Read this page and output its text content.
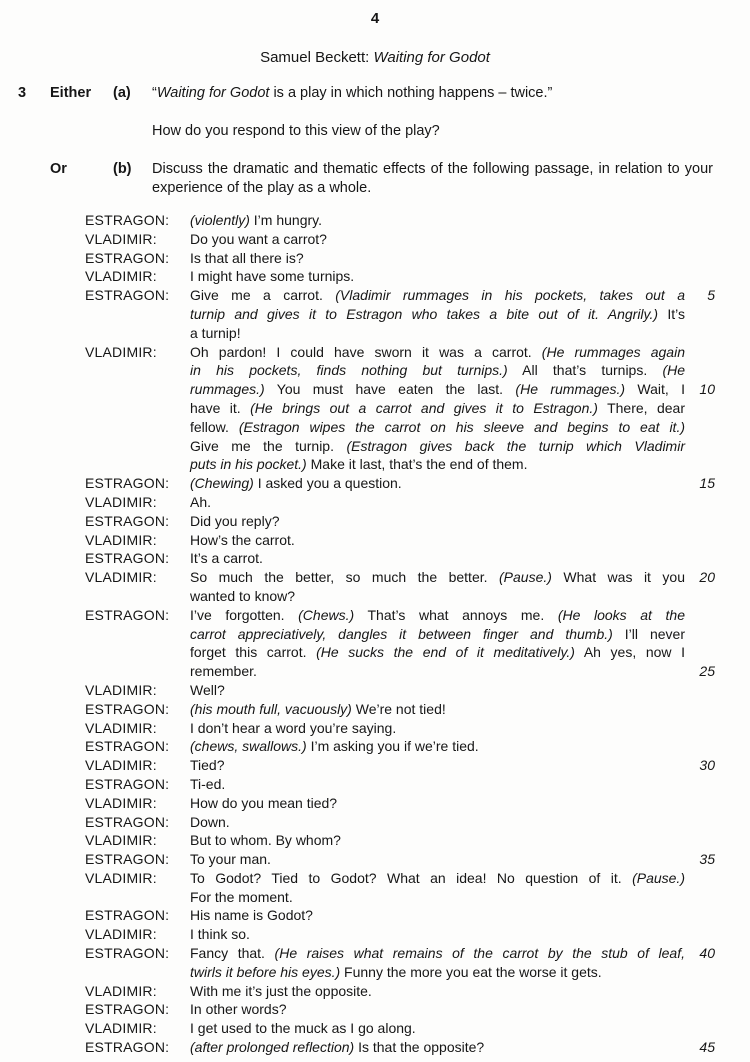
4
Samuel Beckett: Waiting for Godot
3 Either (a) “Waiting for Godot is a play in which nothing happens – twice.”
How do you respond to this view of the play?
Or	(b) Discuss the dramatic and thematic effects of the following passage, in relation to your experience of the play as a whole.
ESTRAGON: (violently) I’m hungry.
VLADIMIR: Do you want a carrot?
ESTRAGON: Is that all there is?
VLADIMIR: I might have some turnips.
ESTRAGON: Give me a carrot. (Vladimir rummages in his pockets, takes out a	5
turnip and gives it to Estragon who takes a bite out of it. Angrily.) It’s
a turnip!
VLADIMIR: Oh pardon! I could have sworn it was a carrot. (He rummages again
in his pockets, finds nothing but turnips.) All that’s turnips. (He
rummages.) You must have eaten the last. (He rummages.) Wait, I	10
have it. (He brings out a carrot and gives it to Estragon.) There, dear
fellow. (Estragon wipes the carrot on his sleeve and begins to eat it.)
Give me the turnip. (Estragon gives back the turnip which Vladimir
puts in his pocket.) Make it last, that’s the end of them.
ESTRAGON: (Chewing) I asked you a question.	15
VLADIMIR: Ah.
ESTRAGON: Did you reply?
VLADIMIR: How’s the carrot.
ESTRAGON: It’s a carrot.
VLADIMIR: So much the better, so much the better. (Pause.) What was it you	20
wanted to know?
ESTRAGON: I’ve forgotten. (Chews.) That’s what annoys me. (He looks at the
carrot appreciatively, dangles it between finger and thumb.) I’ll never
forget this carrot. (He sucks the end of it meditatively.) Ah yes, now I
remember.	25
VLADIMIR: Well?
ESTRAGON: (his mouth full, vacuously) We’re not tied!
VLADIMIR: I don’t hear a word you’re saying.
ESTRAGON: (chews, swallows.) I’m asking you if we’re tied.
VLADIMIR: Tied?	30
ESTRAGON: Ti-ed.
VLADIMIR: How do you mean tied?
ESTRAGON: Down.
VLADIMIR: But to whom. By whom?
ESTRAGON: To your man.	35
VLADIMIR: To Godot? Tied to Godot? What an idea! No question of it. (Pause.)
For the moment.
ESTRAGON: His name is Godot?
VLADIMIR: I think so.
ESTRAGON: Fancy that. (He raises what remains of the carrot by the stub of leaf,	40
twirls it before his eyes.) Funny the more you eat the worse it gets.
VLADIMIR: With me it’s just the opposite.
ESTRAGON: In other words?
VLADIMIR: I get used to the muck as I go along.
ESTRAGON: (after prolonged reflection) Is that the opposite?	45
